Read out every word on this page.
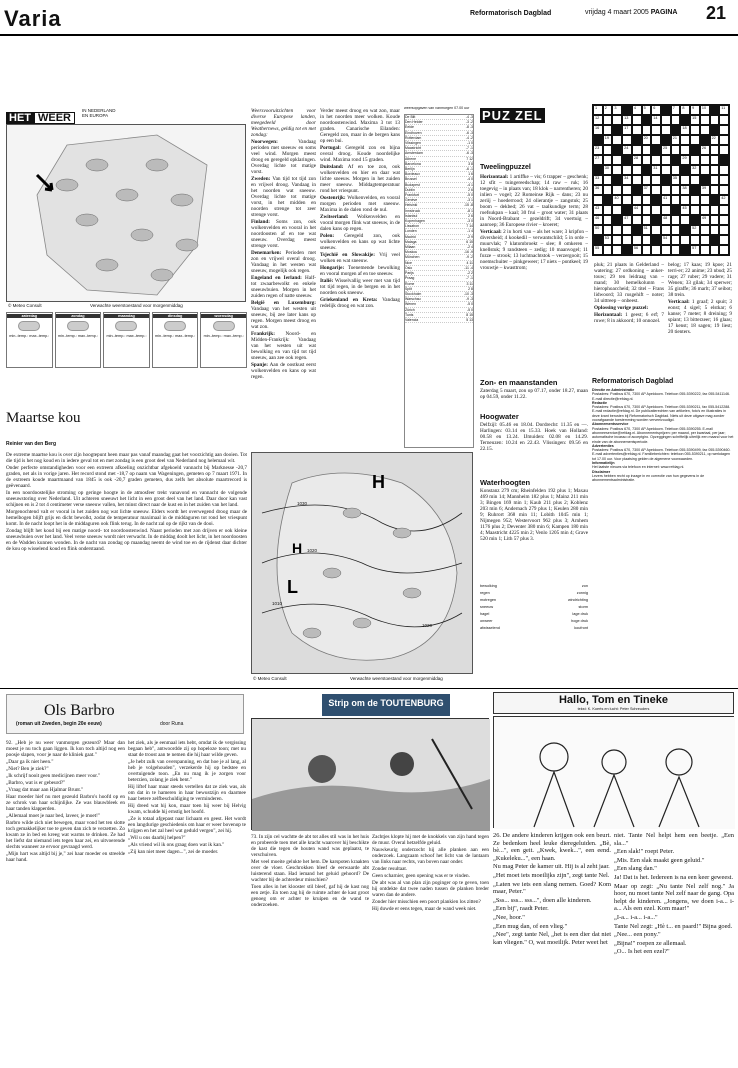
Varia	Reformatorisch Dagblad	vrijdag 4 maart 2005 PAGINA 21
HET WEER IN NEDERLAND
EN EUROPA
© Meteo Consult	Verwachte weerstoestand voor morgenmiddag
zaterdag
min.-temp.: max.-temp.:
zondag
min.-temp.: max.-temp.:
maandag
min.-temp.: max.-temp.:
dinsdag
min.-temp.: max.-temp.:
woensdag
min.-temp.: max.-temp.:
Maartse kou
Reinier van den Berg

De extreme maartse kou is over zijn hoogtepunt heen maar pas vanaf maandag gaat het voorzichtig aan dooien. Tot die tijd is het nog koud en in iedere geval tot en met zondag is een groot deel van Nederland nog helemaal wit.

Onder perfecte omstandigheden voor een extreem afkoeling onzichtbar afgekoeld vannacht bij Marknesse -20,7 graden, net als in vorige jaren. Het record stond met -18,7 op naam van Wageningen, gemeten op 7 maart 1971. In de extreem koude maartmaand van 1845 is ook -20,7 graden gemeten, dus zelfs het absolute maartrecord is geëvenaard.

In een noordoostelijke stroming op geringe hoogte in de atmosfeer trekt vanavond en vannacht de volgende sneeuwstoring over Nederland. Uit achteren sneeuwt het licht in een groot deel van het land. Daar door kan vast schijnen en is 2 tot 4 centimeter verse sneeuw vallen, het minst direct naar de kust en in het zuiden van het land.

Morgenochtend valt er vooral in het zuiden nog wat lichte sneeuw. Elders wordt het overwegend droog maar de hemelbogen blijft grijs en dicht bewolkt, zodat de temperatuur maximaal in de middaguren tot rond het vriespunt komt. In de nacht loopt het in de middaguren ook flink terug. In de nacht zal op de rijkt van de dooi.

Zondag blijft het koud bij een matige noord- tot noordoostenwind. Naast perioden met zon drijven er ook kleine sneeuwbuien over het land. Veel verse sneeuw wordt niet verwacht. In de middag doolt het licht, in het noordoosten en de Wadden kunnen wonden. In de nacht van zondag op maandag neemt de wind toe en de rijdenst daar dichter de kou op wisselend koud en flink onderstaand.

Weersvooruitzichten voor diverse Europese landen, meegedeeld door Weathernews, geldig tot en met zondag:

Noorwegen: Vandaag perioden met sneeuw en soms veel wind. Morgen meest droog en geregeld opklaringen. Overdag lichte tot matige vorst.

Zweden: Van tijd tot tijd zon en vrijwel droog. Vandaag in het noorden wat sneeuw. Overdag lichte tot matige vorst, in het midden en noorden strenge tot zeer strenge vorst.

Finland: Soms zon, ook wolkenvelden en vooral in het noordoosten af en toe wat sneeuw. Overdag meest strenge vorst.

Denemarken: Perioden met zon en vrijwel overal droog. Vandaag in het westen wat sneeuw, mogelijk ook regen.

Engeland en Ierland: Half- tot zwaarbewolkt en enkele sneeuwbuien. Morgen in het zuiden regen of natte sneeuw.

België en Luxemburg: Vandaag van het westen uit sneeuw, bij zee later kans op regen. Morgen meest droog en wat zon.

Frankrijk: Noord- en Midden-Frankrijk: Vandaag van het westen uit wat bewolking en van tijd tot tijd sneeuw, aan zee ook regen.

Spanje: Aan de oostkust eerst wolkenvelden en kans op wat regen.

Verder meest droog en wat zon, maar in het noorden meer wolken. Koude noordoostenwind. Maxima 3 tot 13 graden. Canarische Eilanden: Geregeld zon, maar in de bergen kans op een bui.

Portugal: Geregeld zon en bijna overal droog. Koude noordelijke wind. Maxima rond 15 graden.

Duitsland: Af en toe zon, ook wolkenvelden en hier en daar wat lichte sneeuw. Morgen in het zuiden meer sneeuw. Middagtemperatuur rond het vriespunt.

Oostenrijk: Wolkenvelden, en vooral morgen perioden met sneeuw. Maxima in de dalen rond de nul.

Zwitserland: Wolkenvelden en vooral morgen flink wat sneeuw, in de dalen kans op regen.

Polen: Geregeld zon, ook wolkenvelden en kans op wat lichte sneeuw.

Tsjechië en Slowakije: Vrij veel wolken en wat sneeuw.

Hongarije: Toenemende bewolking en vooral morgen af en toe sneeuw.

Italië: Wisselvallig weer met van tijd tot tijd regen, in de bergen en in het noorden ook sneeuw.

Griekenland en Kreta: Vandaag redelijk droog en wat zon.

weersopgaven van vanmorgen 07.00 uur
De Bilt	-4 -3
Den Helder	-3 -2
Eelde	-8 -3
Eindhoven	-6 -3
Rotterdam	-4 -2
Vlissingen	-1 0
Maastricht	-7 -1
Amsterdam	-6 -3
Athene	7 12
Barcelona	3 8
Berlijn	-6 -1
Bordeaux	1 6
Brussel	-4 0
Budapest	-4 1
Dublin	2 6
Frankfurt	-5 0
Genève	-3 1
Helsinki	-15 -8
Innsbruck	-8 1
Istanbul	2 6
Kopenhagen	-3 0
Lissabon	7 14
Londen	-1 4
Madrid	-2 9
Malaga	6 15
Milaan	-2 4
Moskou	-16 -9
München	-9 -2
Nice	4 11
Oslo	-11 -4
Parijs	-2 2
Praag	-7 -1
Rome	3 11
Split	2 8
Stockholm	-10 -3
Warschau	-9 -3
Wenen	-5 0
Zürich	-5 0
Tunis	8 15
Valencia	5 13
PUZ ZEL	1	2	3	4	5	6	7	8	9	10	11
12	13	14	15
16	17	18
19	20	21	22
23	24	25	26
27	28	29
30	31	32
33	34	35
36	37	38	39
40	41	42
43	44	45
46	47	48	49
50	51	52
53	54
55	56	57
Tweelingpuzzel

Horizontaal: 1 artiffke – vis; 6 trapper – geschenk; 12 sfit – tuingereedschap; 14 raw – ruk; 16 toegevig – in plaats van; 18 klok – narrentheren; 20 inlien – vogel; 22 Romeinse Rijk – dans; 23 nu zeriij – hoederrood; 24 olierantje – zangstuk; 25 boom – dekbed; 26 vat – taalkundige term; 28 roefsukpan – kaal; 30 frui – groot water; 31 plaats in Noord-Brabant – gezeldrift; 34 voertuig – aanroep; 36 Europese rivier – kroeret;

Verticaal: 2 in horti van – als het ware; 3 kripfon – diversheid; 4 kookedil – verwantschild; 5 in orde – muurvlak; 7 klatombroekt – slee; 8 omkeren – knellstuk; 9 randsteen – zedig; 10 maanvogel; 11 fozze – strook; 13 luchtnachtstok – verzergooit; 15 noemschuiter – pinkgeweer; 17 niets – pontkeel; 19 vrouwtje – kwasttrom;	pluk; 21 plaats in Gelderland – watering; 27 ordkoning – anker-touw; 29 ten leidraag van – mand; 30 hemelkolunm – hierophoaccheid; 32 titel – Frans lidwoord; 33 rusgehift – noter; 34 uittreep – onbeest.

Oplossing vorige puzzel:

Horizontaal: 1 geest; 6 erf; 7 ruwe; 8 in akkoord; 10 onnozel.

belog; 17 kaas; 19 kpoe; 21 terri-er; 22 anime; 23 nbud; 25 rage; 27 ruber; 29 vadere; 31 Wenen; 33 gilak; 34 sperwer; 35 giraffe; 36 marlt; 37 seibot; 38 trein.

Verticaal: 1 graaf; 2 spuit; 3 eonst; 4 sigel; 5 elstkar; 6 kanse; 7 meter; 8 dreining; 9 spiant; 13 bitterzeer; 16 glaas; 17 kenst; 18 sagen; 19 liest; 20 tienters.

H
L
H
1030
1020
1010
1020
© Meteo Consult	Verwachte weerstoestand voor morgenmiddag
Zon- en maanstanden

Zaterdag 5 maart, zon op 07.17, onder 18.27, maan op 04.59, onder 11.22.

Hoogwater

Delfzijl: 05.46 en 18.04. Dordrecht: 11.35 en —. Harlingen: 03.14 en 15.33. Hoek van Holland: 00.58 en 13.24. IJmuiden: 02.08 en 14.29. Terneuzen: 10.24 en 22.43. Vlissingen: 09.56 en 22.15.

Waterhoogten

Konstanz 279 cm; Rheinfelden 192 plus 1; Maxau 469 min 14; Mannheim 182 plus 1; Mainz 211 min 3; Bingen 169 min 1; Kaub 211 plus 2; Koblenz 203 min 6; Andernach 279 plus 1; Keulen 280 min 9; Ruhrort 368 min 11; Lobith 1045 min 1; Nijmegen 952; Westervoort 962 plus 3; Arnhem 1176 plus 2; Deventer 380 min 6; Kampen 180 min 4; Maastricht 4225 min 2; Venlo 1205 min 4; Grave 520 min 1; Lith 57 plus 3.

bewolking	zon
regen	zonnig
motregen	windrichting
sneeuw	storm
hagel	lage druk
onweer	hoge druk
afwisselend	koufront
Reformatorisch Dagblad

Directie en Administratie

Postadres: Postbus 670, 7300 AP Apeldoorn. Telefoon 055-5390222, fax 055-5411146. E-mail directie@refdag.nl.

Redactie

Postadres: Postbus 670, 7300 AP Apeldoorn. Telefoon 055-5390211, fax 055-5412288. E-mail redactie@refdag.nl. De publicatierechten van artikelen, foto's en illustraties in deze krant berusten bij Reformatorisch Dagblad. Niets uit deze uitgave mag zonder voorafgaande toestemming worden verveelvoudigd.

Abonnementsservice

Postadres: Postbus 670, 7300 AP Apeldoorn. Telefoon 055-5390255. E-mail abonneeservice@refdag.nl. Abonnementsprijzen: per maand, per kwartaal, per jaar; automatische incasso of acceptgiro. Opzeggingen schriftelijk uiterlijk een maand voor het einde van de abonnementsperiode.

Advertenties

Postadres: Postbus 670, 7300 AP Apeldoorn. Telefoon 055-5390499, fax 055-5390460. E-mail advertenties@refdag.nl. Familieberichten: telefoon 055-5390211, op werkdagen tot 17.00 uur. Voor plaatsing gelden de algemene voorwaarden.

Informatielijn

Het laatste nieuws via telefoon en internet: www.refdag.nl.

Disclaimer

Lezers hebben recht op inzage in en correctie van hun gegevens in de abonnementsadministratie.

Ols Barbro
(roman uit Zweden, begin 20e eeuw)	door Runa

92. „Heb je nu weer vanmorgen gezeurd? Maar dan moest je nu toch gaan liggen. Ik kon toch altijd nog een poosje slapen, voor je naar de kliniek gaat."

„Daar ga ik niet heen."

„Niet? Ben je ziek?"

„Ik schrijf nooit geen medicijnen meer voor."

„Barbro, wat is er gebeurd?"

„Vraag dat maar aan Hjalmar Brunt."

Haar moeder hief nu met gezeuld Barbro's hoofd op en ze schrok van haar schijnlijke. Ze was blauwbleek en haar tanden klapperden.

„Allemaal moet je naar bed, laveer, je moet!"

Barbro wilde zich niet bewegen, maar vond het ten slotte toch gemakkelijker toe te geven dan zich te verzetten. Zo kwam ze in bed en kreeg wat warms te drinken. Ze had het liefst dat niemand iets tegen haar zei, en uitvoerende slechts wanneer ze ervoor gevraagd werd.

„Mijn hart was altijd bij je," zei haar moeder en streelde haar hand.

het ziek, als je eenmaal iets hebt, omdat ik de vergissing begaan heb", antwoordde zij op hopeloze toon; met nu staat de troost aan te nemen die hij haar wilde geven.

„Je hebt zulk van overspanning, en dat hoe je al lang, al heb je volgehouden", verzekerde hij op bedstee en overtuigende toon. „En nu mag ik je zorgen voor beterzien, zolang je ziek bent."

Hij liftef haar maar steeds vertellen dat ze ziek was, als om dat in te hameren in haar bewustzijn en daarmee haar betere zelfbeschuldiging te verminderen.

Hij dreed wat hij kon, maar toen hij weer bij Helvig kwam, schudde hij ernstig het hoofd.

„Ze is totaal afgepast naar lichaam en geest. Het wordt een langdurige geschiedenis om haar er weer bovenop te krijgen en het zal heel wat geduld vergen", zei hij.

„Wil u ons daarbij helpen?"

„Als vriend wil ik ons graag doen wat ik kan."

„Zij kan niet meer dagen...", zei de moeder.

Strip om de TOUTENBURG

73. In zijn cel wachtte de abt tot alles stil was in het huis en probeerde toen met alle kracht waarover hij beschikte de kast die tegen de houten wand was geplaatst, te verschuiven.

Met veel moeite gelukte het hem. De karspoten kraakten over de vloer. Geschrokken bleef de eerwaarde abt luisterend staan. Had iemand het geluid gehoord? De wachter bij de achterdeur misschien?

Toen alles in het klooster stil bleef, gaf hij de kast nog een zetje. En toen zag hij de ruimte achter de kast groot genoeg om er achter te kruipen en de wand te onderzoeken.

Zachtjes klopte hij met de knokkels van zijn hand tegen de muur. Overal hetzelfde geluid.

Nauwkeurig onderzocht hij alle planken aan een onderzoek. Langzaam schoof het licht van de lantaarn van links naar rechts, van boven naar onder.

Zonder resultaat.

Geen scharnier, geen opening was er te vinden.

De abt was al van plan zijn poginger op te geven, toen hij ontdekte dat twee naden tussen de planken breder waren dan de andere.

Zonder hier misschien een poort plankien los zitten?

Hij duwde er eens tegen, maar de wand week niet.

Hallo, Tom en Tineke
tekst: K. Koerts en lucht: Peter Schreuders

26. De andere kinderen krijgen ook een beurt. Ze bedenken heel leuke dieregeluiden. „Bè, bè...", een geit. „Kwek, kwek...", een eend. „Kukeleku...", een haan.

Nu mag Peter de kamer uit. Hij is al zeht jaar.

„Het moet iets moeilijks zijn", zegt tante Nel.

„Laten we iets een slang nemen. Goed? Kom maar, Peter."

„Sss... sss... sss...", doen alle kinderen.

„Een bij", raadt Peter.

„Nee, hoor."

„Een mug dan, of een vlieg."

„Nee", zegt tante Nel, „het is een dier dat niet kan vliegen." O, wat moeilijk. Peter weet het

niet. Tante Nel helpt hem een beetje. „Een sla..."

„Een slak!" roept Peter.

„Mis. Een slak maakt geen geluid."

„Een slang dan."

Ja! Dat is het. Iedereen is na een keer geweest.

Maar op zegt: „Nu tante Nel zelf nog." Ja hoor, nu moet tante Nel zelf naar de gang. Opa helpt de kinderen. „Jongens, we doen i-a... i-a... Als een ezel. Kom maar!"

„I-a... i-a... i-a..."

Tante Nel zegt: „Hè t... en paard!" Bijna goed.

„Nee... een pony."

„Bijna!" roepen ze allemaal.

„O... Is het een ezel?"
